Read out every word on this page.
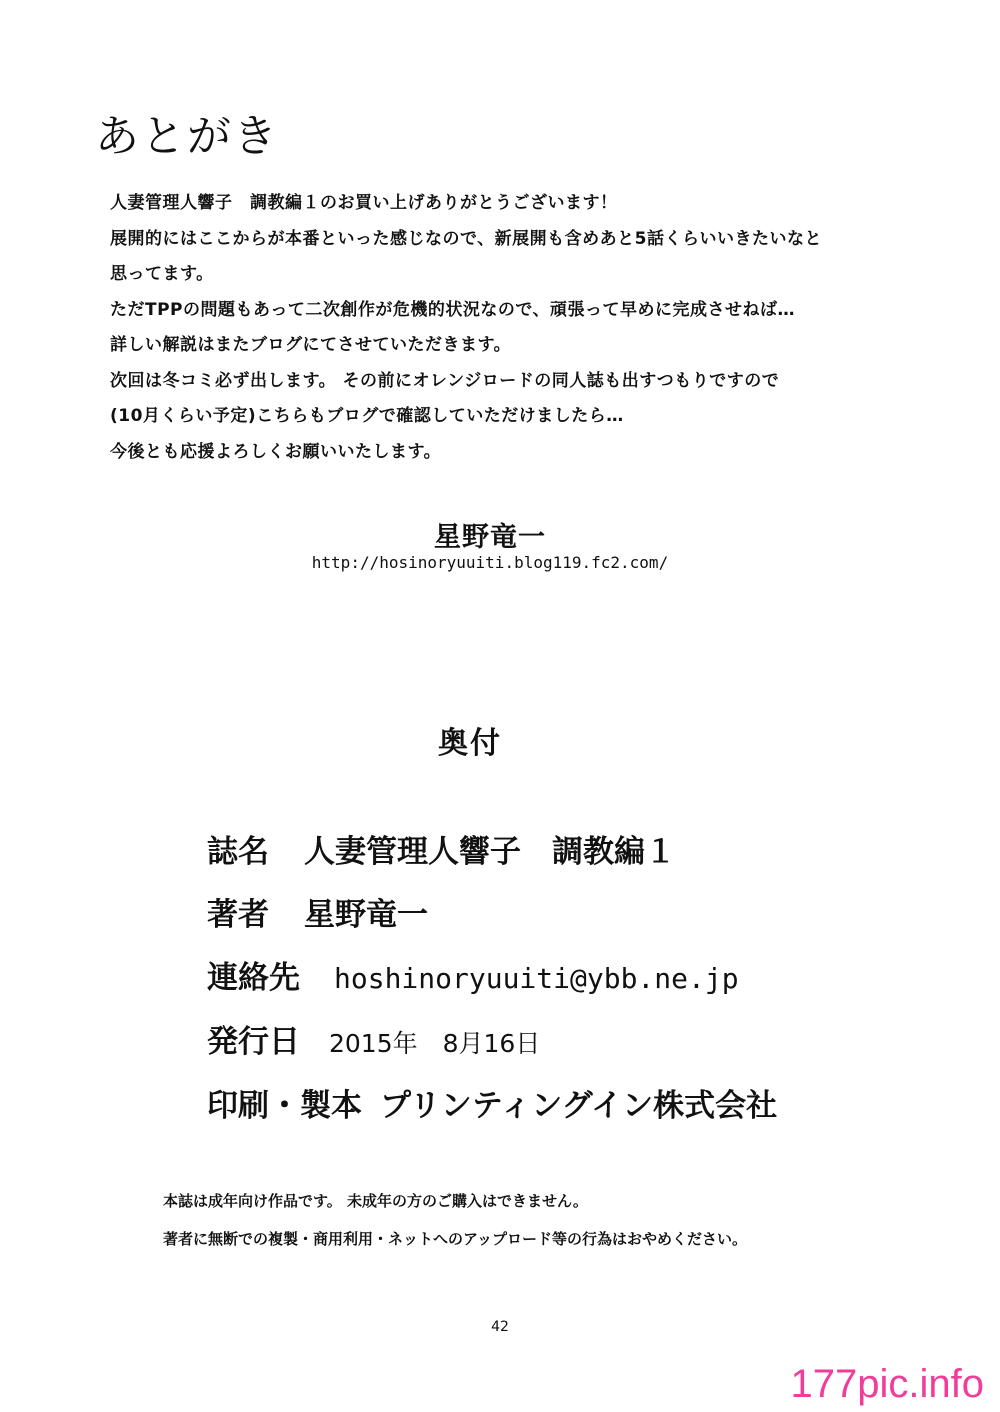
あとがき
人妻管理人響子　調教編１のお買い上げありがとうございます！
展開的にはここからが本番といった感じなので、新展開も含めあと5話くらいいきたいなと
思ってます。
ただTPPの問題もあって二次創作が危機的状況なので、頑張って早めに完成させねば…
詳しい解説はまたブログにてさせていただきます。
次回は冬コミ必ず出します。 その前にオレンジロードの同人誌も出すつもりですので
(10月くらい予定)こちらもブログで確認していただけましたら…
今後とも応援よろしくお願いいたします。
星野竜一
http://hosinoryuuiti.blog119.fc2.com/
奥付
誌名 人妻管理人響子　調教編１
著者 星野竜一
連絡先 hoshinoryuuiti@ybb.ne.jp
発行日 2015年　8月16日
印刷・製本 プリンティングイン株式会社
本誌は成年向け作品です。 未成年の方のご購入はできません。
著者に無断での複製・商用利用・ネットへのアップロード等の行為はおやめください。
42
177pic.info
